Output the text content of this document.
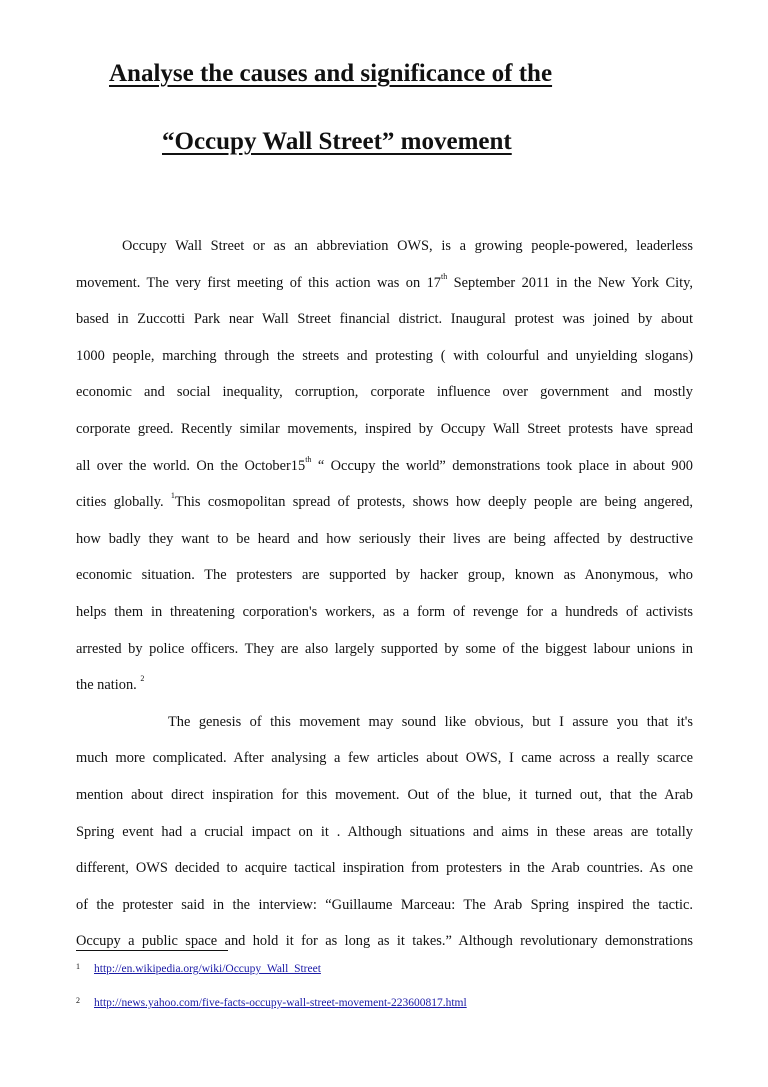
Analyse the causes and significance of the
“Occupy Wall Street” movement
Occupy Wall Street or as an abbreviation OWS, is a growing people-powered, leaderless
movement. The very first meeting of this action was on 17th September 2011 in the New York City,
based in Zuccotti Park near Wall Street financial district. Inaugural protest was joined by about
1000 people, marching through the streets and protesting ( with colourful and unyielding slogans)
economic and social inequality, corruption, corporate influence over government and mostly
corporate greed. Recently similar movements, inspired by Occupy Wall Street protests have spread
all over the world. On the October15th “ Occupy the world” demonstrations took place in about 900
cities globally. $^1$This cosmopolitan spread of protests, shows how deeply people are being angered,
how badly they want to be heard and how seriously their lives are being affected by destructive
economic situation. The protesters are supported by hacker group, known as Anonymous, who
helps them in threatening corporation's workers, as a form of revenge for a hundreds of activists
arrested by police officers. They are also largely supported by some of the biggest labour unions in
the nation. $^2$
The genesis of this movement may sound like obvious, but I assure you that it's
much more complicated. After analysing a few articles about OWS, I came across a really scarce
mention about direct inspiration for this movement. Out of the blue, it turned out, that the Arab
Spring event had a crucial impact on it . Although situations and aims in these areas are totally
different, OWS decided to acquire tactical inspiration from protesters in the Arab countries. As one
of the protester said in the interview: “Guillaume Marceau: The Arab Spring inspired the tactic.
Occupy a public space and hold it for as long as it takes.” Although revolutionary demonstrations
1 http://en.wikipedia.org/wiki/Occupy_Wall_Street
2 http://news.yahoo.com/five-facts-occupy-wall-street-movement-223600817.html
